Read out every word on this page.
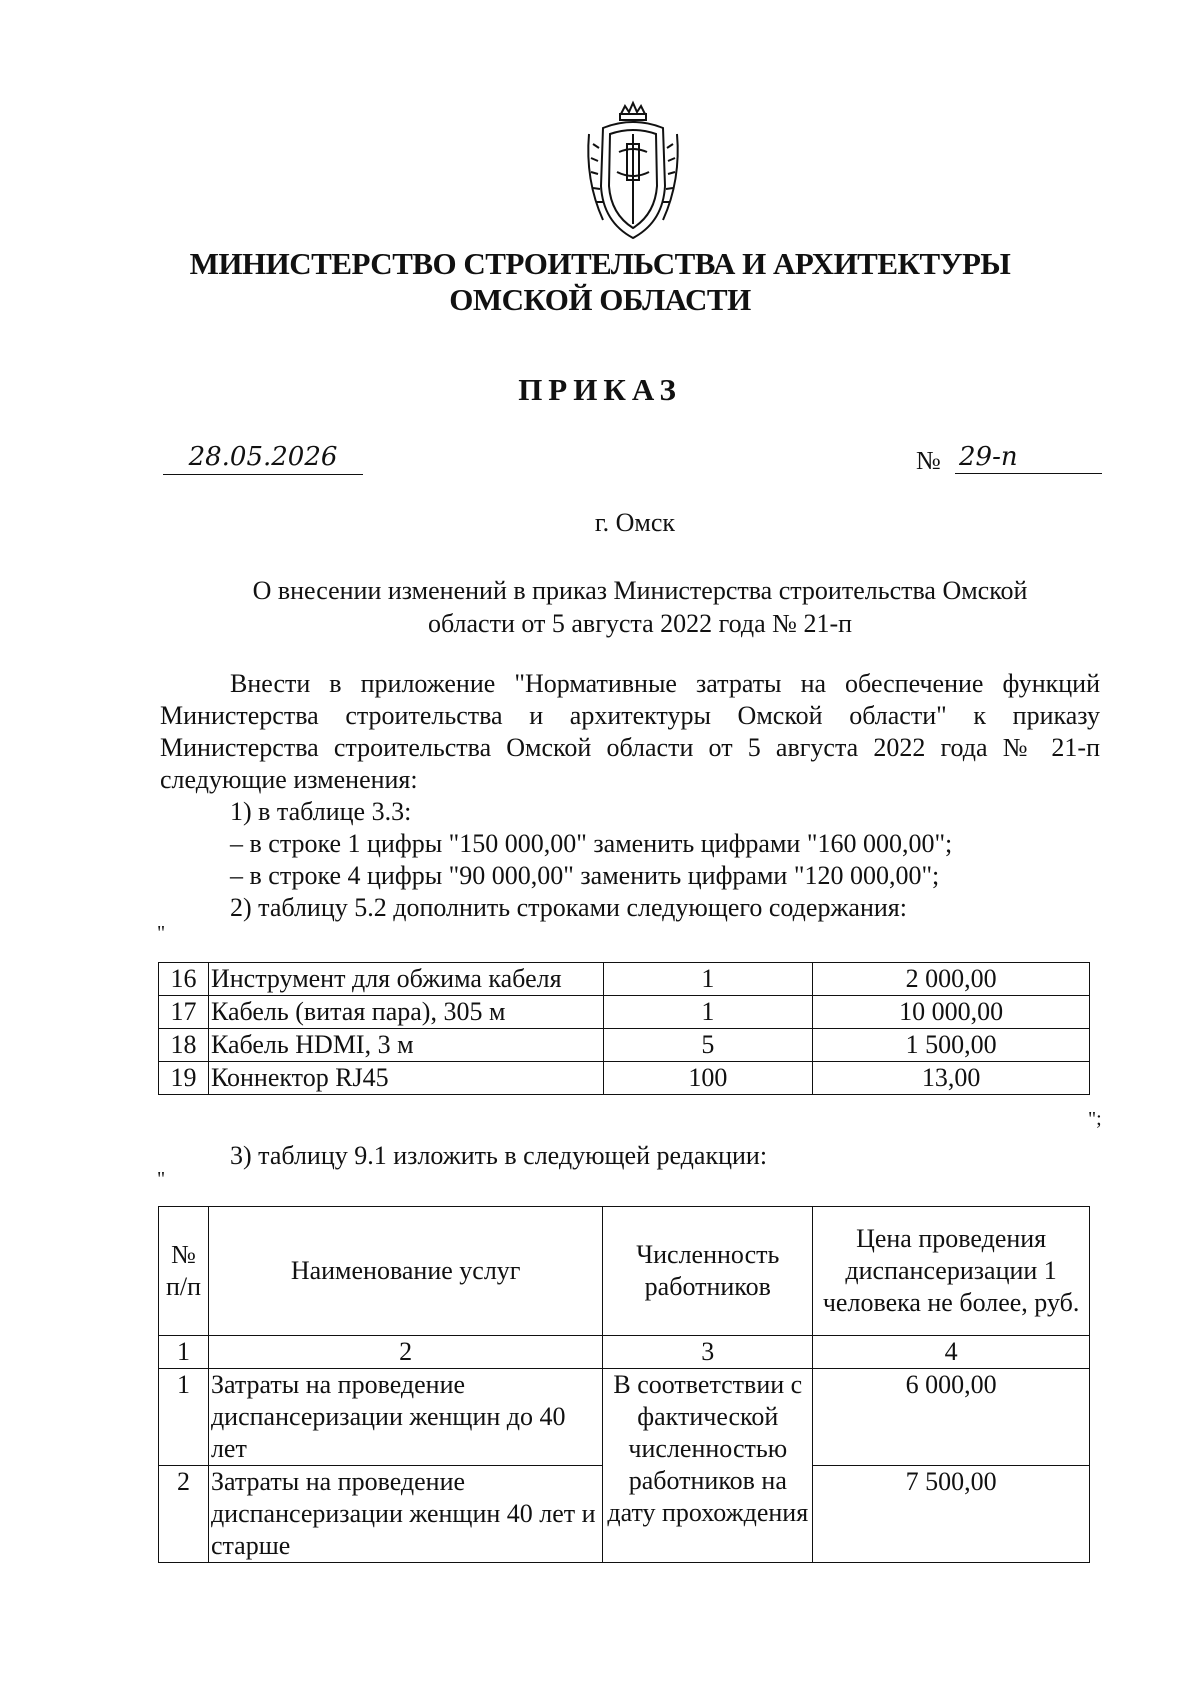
МИНИСТЕРСТВО СТРОИТЕЛЬСТВА И АРХИТЕКТУРЫ
ОМСКОЙ ОБЛАСТИ
ПРИКАЗ
28.05.2026	№ 29-п
г. Омск
О внесении изменений в приказ Министерства строительства Омской
области от 5 августа 2022 года № 21-п
Внести в приложение "Нормативные затраты на обеспечение функций Министерства строительства и архитектуры Омской области" к приказу Министерства строительства Омской области от 5 августа 2022 года № 21-п следующие изменения:
1) в таблице 3.3:
– в строке 1 цифры "150 000,00" заменить цифрами "160 000,00";
– в строке 4 цифры "90 000,00" заменить цифрами "120 000,00";
2) таблицу 5.2 дополнить строками следующего содержания:
"
16	Инструмент для обжима кабеля	1	2 000,00
17	Кабель (витая пара), 305 м	1	10 000,00
18	Кабель HDMI, 3 м	5	1 500,00
19	Коннектор RJ45	100	13,00
";
3) таблицу 9.1 изложить в следующей редакции:
"
№ п/п	Наименование услуг	Численность работников	Цена проведения диспансеризации 1 человека не более, руб.
1	2	3	4
1	Затраты на проведение диспансеризации женщин до 40 лет	В соответствии с фактической численностью работников на дату прохождения	6 000,00
2	Затраты на проведение диспансеризации женщин 40 лет и старше		7 500,00
